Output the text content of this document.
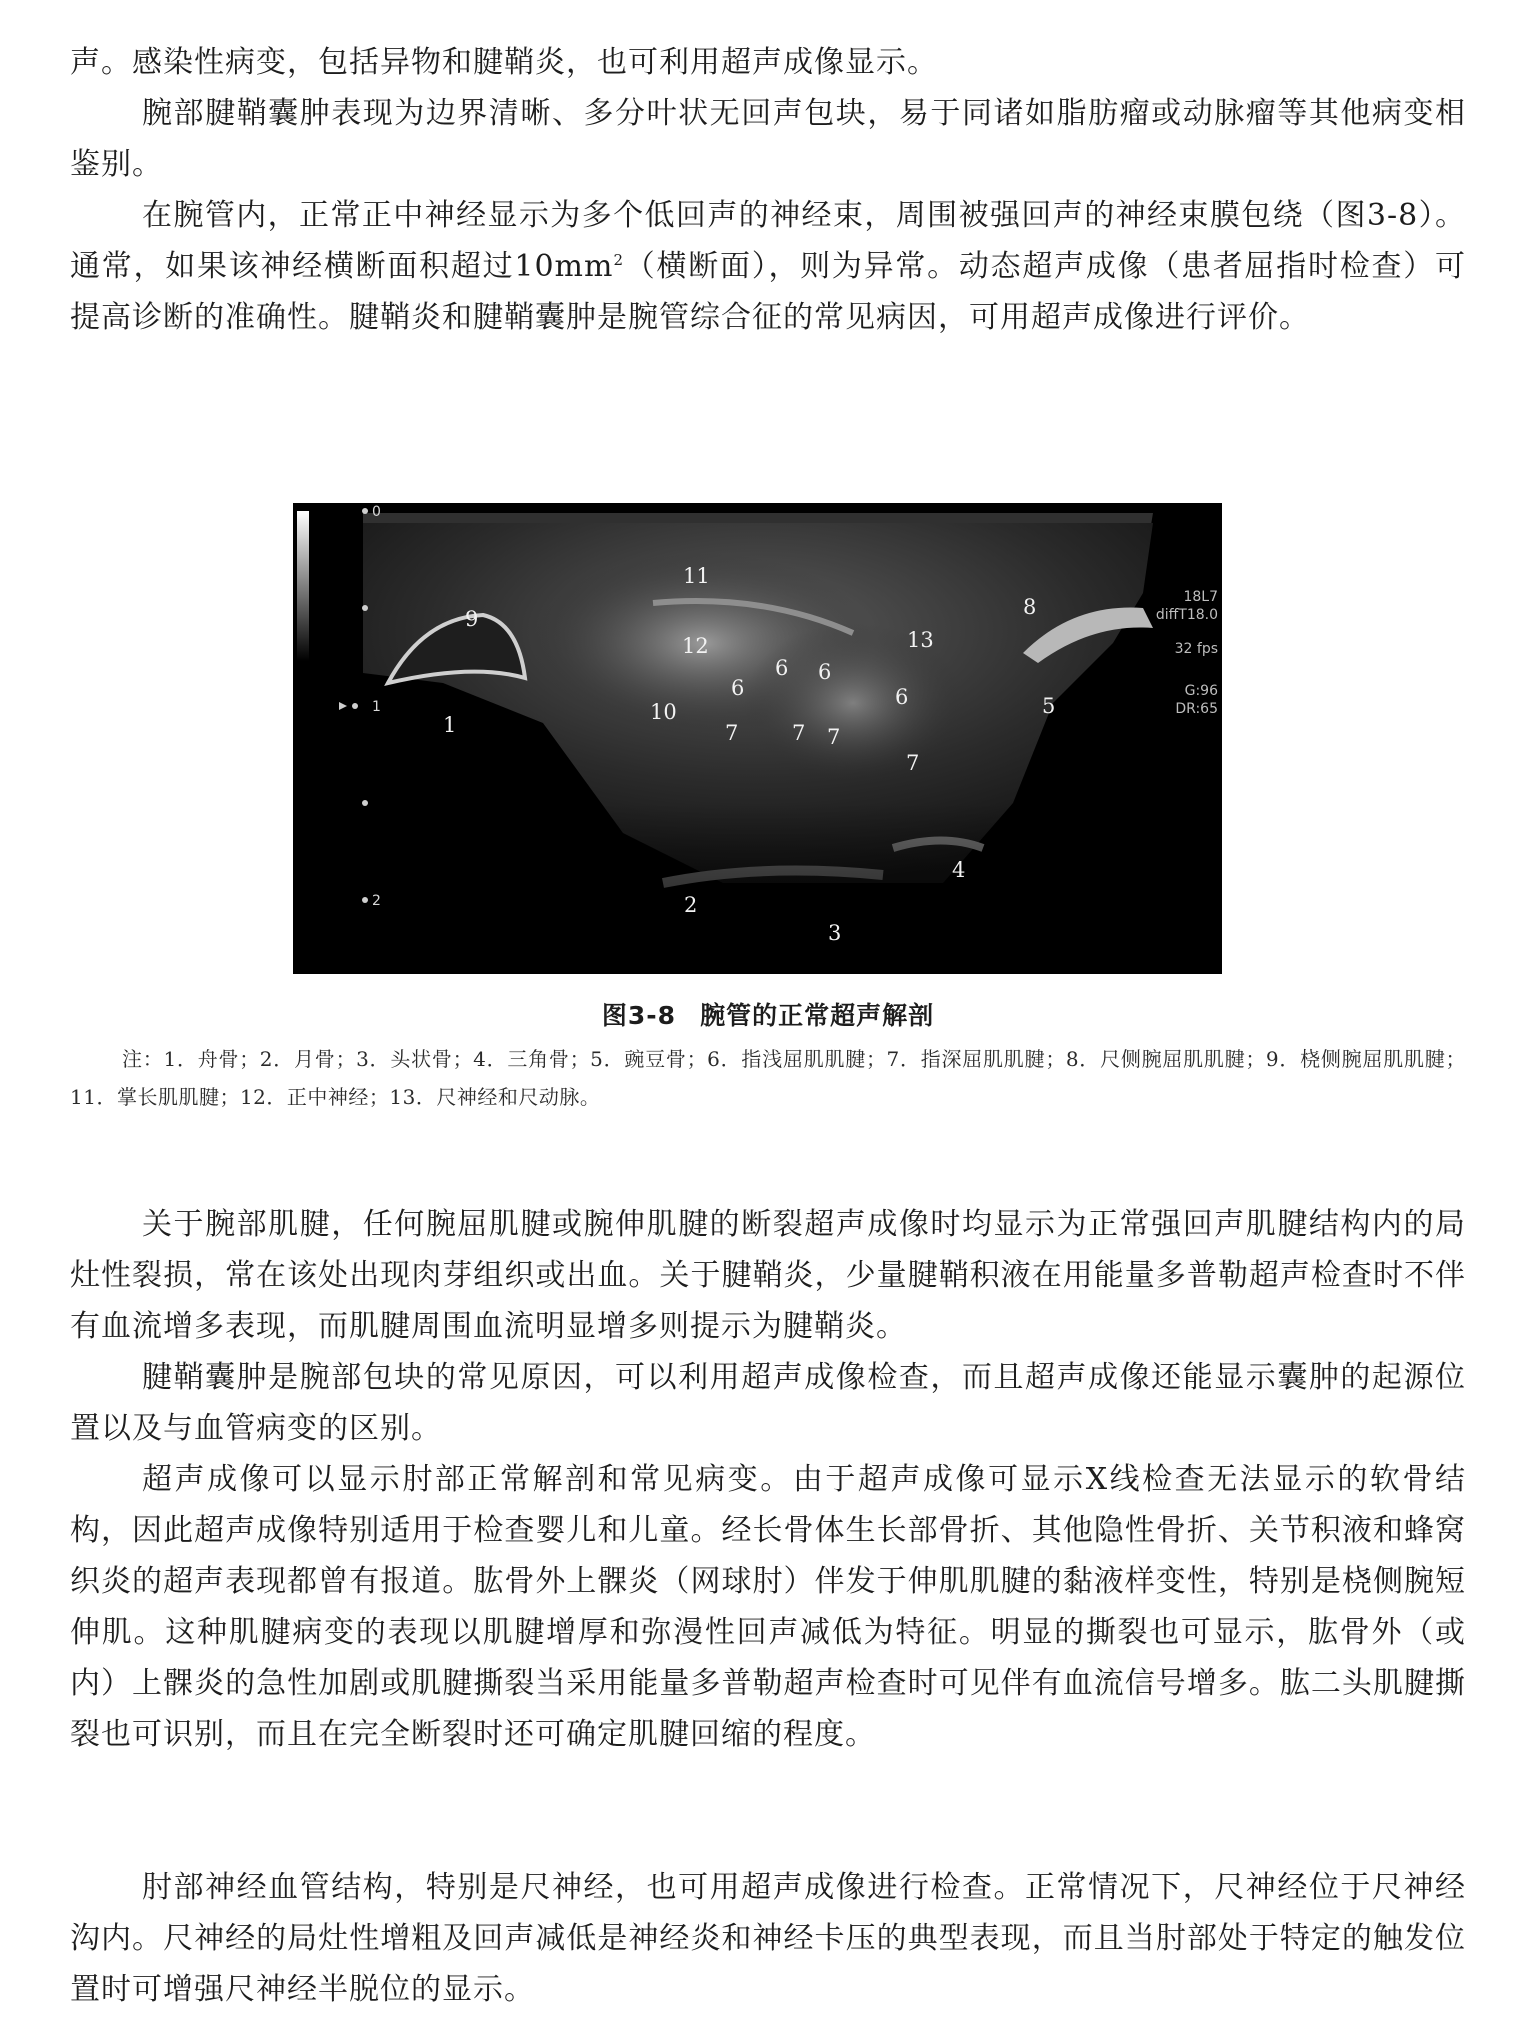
声。感染性病变，包括异物和腱鞘炎，也可利用超声成像显示。

腕部腱鞘囊肿表现为边界清晰、多分叶状无回声包块，易于同诸如脂肪瘤或动脉瘤等其他病变相鉴别。

在腕管内，正常正中神经显示为多个低回声的神经束，周围被强回声的神经束膜包绕（图3-8）。通常，如果该神经横断面积超过$10mm^2$（横断面），则为异常。动态超声成像（患者屈指时检查）可提高诊断的准确性。腱鞘炎和腱鞘囊肿是腕管综合征的常见病因，可用超声成像进行评价。

0
1
2
18L7
diffT18.0
32 fps
G:96
DR:65
1
2
3
4
5
6
6 6
6
7	7 7
7
8
9
10
11
12	13
图3-8 腕管的正常超声解剖

注：1．舟骨；2．月骨；3．头状骨；4．三角骨；5．豌豆骨；6．指浅屈肌肌腱；7．指深屈肌肌腱；8．尺侧腕屈肌肌腱；9．桡侧腕屈肌肌腱；11．掌长肌肌腱；12．正中神经；13．尺神经和尺动脉。

关于腕部肌腱，任何腕屈肌腱或腕伸肌腱的断裂超声成像时均显示为正常强回声肌腱结构内的局灶性裂损，常在该处出现肉芽组织或出血。关于腱鞘炎，少量腱鞘积液在用能量多普勒超声检查时不伴有血流增多表现，而肌腱周围血流明显增多则提示为腱鞘炎。

腱鞘囊肿是腕部包块的常见原因，可以利用超声成像检查，而且超声成像还能显示囊肿的起源位置以及与血管病变的区别。

超声成像可以显示肘部正常解剖和常见病变。由于超声成像可显示X线检查无法显示的软骨结构，因此超声成像特别适用于检查婴儿和儿童。经长骨体生长部骨折、其他隐性骨折、关节积液和蜂窝织炎的超声表现都曾有报道。肱骨外上髁炎（网球肘）伴发于伸肌肌腱的黏液样变性，特别是桡侧腕短伸肌。这种肌腱病变的表现以肌腱增厚和弥漫性回声减低为特征。明显的撕裂也可显示，肱骨外（或内）上髁炎的急性加剧或肌腱撕裂当采用能量多普勒超声检查时可见伴有血流信号增多。肱二头肌腱撕裂也可识别，而且在完全断裂时还可确定肌腱回缩的程度。

肘部神经血管结构，特别是尺神经，也可用超声成像进行检查。正常情况下，尺神经位于尺神经沟内。尺神经的局灶性增粗及回声减低是神经炎和神经卡压的典型表现，而且当肘部处于特定的触发位置时可增强尺神经半脱位的显示。
